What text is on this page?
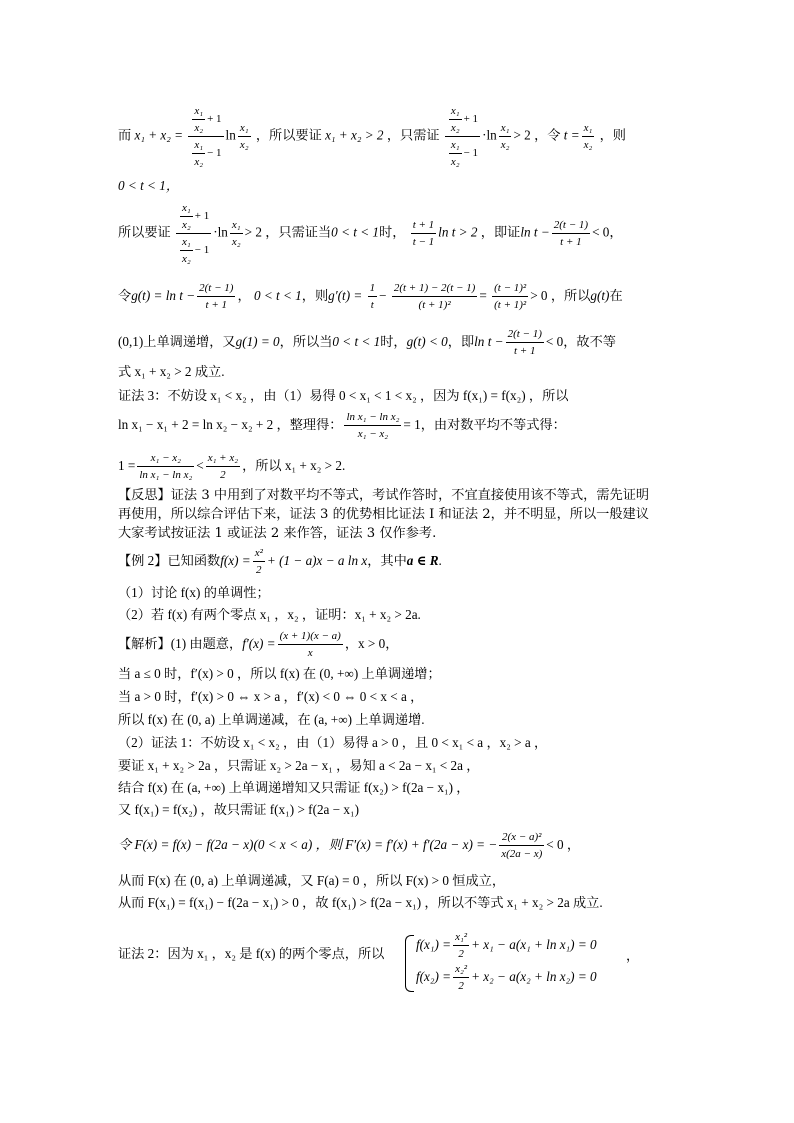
而 $x_1 + x_2 = \frac{\frac{\text{x₁}}{\text{x₂}} + 1}{\frac{\text{x₁}}{\text{x₂}} - 1}$ $\ln \frac{\text{x₁}}{\text{x₂}}$ ，所以要证 x₁ + x₂ > 2 ，只需证 $\frac{\frac{\text{x₁}}{\text{x₂}} + 1}{\frac{\text{x₁}}{\text{x₂}} - 1} \cdot\ln \frac{\text{x₁}}{\text{x₂}} > 2$ ，令 $t = \frac{\text{x₁}}{\text{x₂}}$ ，则
0 < t < 1，
所以要证 $\frac{\frac{\text{x₁}}{\text{x₂}} + 1}{\frac{\text{x₁}}{\text{x₂}} - 1} \cdot\ln \frac{\text{x₁}}{\text{x₂}} > 2$ ，只需证当0 < t < 1时， $\frac{t + 1}{t - 1}$ ln t > 2 ，即证$\ln t - \frac{2(t - 1)}{t + 1} < 0$，
令$g(t) = \ln t - \frac{2(t - 1)}{t + 1}$ ， 0 < t < 1，则$g'(t) = \frac{1}{t} - \frac{2(t + 1) - 2(t - 1)}{\text{(t + 1)²}} = \frac{\text{(t − 1)²}}{\text{(t + 1)²}} > 0$ ，所以g(t)在
(0,1)上单调递增，又g(1) = 0，所以当0 < t < 1时，g(t) < 0，即$\ln t - \frac{2(t - 1)}{t + 1} < 0$，故不等
式 x₁ + x₂ > 2 成立.
证法 3：不妨设 x₁ < x₂ ，由（1）易得 0 < x₁ < 1 < x₂ ，因为 f(x₁) = f(x₂) ，所以
ln x₁ − x₁ + 2 = ln x₂ − x₂ + 2 ，整理得： $\frac{\text{ln x₁ − ln x₂}}{\text{x₁ − x₂}} = 1$，由对数平均不等式得：
$1 = \frac{\text{x₁ − x₂}}{\text{ln x₁ − ln x₂}} < \frac{\text{x₁ + x₂}}{2}$ ，所以 x₁ + x₂ > 2.
【反思】证法 3 中用到了对数平均不等式，考试作答时，不宜直接使用该不等式，需先证明
再使用，所以综合评估下来，证法 3 的优势相比证法 I 和证法 2，并不明显，所以一般建议
大家考试按证法 1 或证法 2 来作答，证法 3 仅作参考.
【例 2】已知函数$f(x) = \frac{\text{x²}}{2} + (1 - a)x - a$ ln x，其中a ∈ R.
（1）讨论 f(x) 的单调性；
（2）若 f(x) 有两个零点 x₁ ，x₂ ，证明：x₁ + x₂ > 2a.
【解析】(1) 由题意，$f'(x) = \frac{(x + 1)(x - a)}{x}$ ，x > 0，
当 a ≤ 0 时，f′(x) > 0 ，所以 f(x) 在 (0, +∞) 上单调递增；
当 a > 0 时，f′(x) > 0 ⇔ x > a ，f′(x) < 0 ⇔ 0 < x < a ，
所以 f(x) 在 (0, a) 上单调递减，在 (a, +∞) 上单调递增.
（2）证法 1：不妨设 x₁ < x₂ ，由（1）易得 a > 0 ，且 0 < x₁ < a ，x₂ > a ，
要证 x₁ + x₂ > 2a ，只需证 x₂ > 2a − x₁ ，易知 a < 2a − x₁ < 2a ，
结合 f(x) 在 (a, +∞) 上单调递增知又只需证 f(x₂) > f(2a − x₁) ，
又 f(x₁) = f(x₂) ，故只需证 f(x₁) > f(2a − x₁)
令 F(x) = f(x) − f(2a − x)(0 < x < a) ，则 F′(x) = f′(x) + f′(2a − x) = − $\frac{\text{2(x − a)²}}{x(2a - x)} < 0$ ，
从而 F(x) 在 (0, a) 上单调递减，又 F(a) = 0 ，所以 F(x) > 0 恒成立，
从而 F(x₁) = f(x₁) − f(2a − x₁) > 0 ，故 f(x₁) > f(2a − x₁) ，所以不等式 x₁ + x₂ > 2a 成立.
证法 2：因为 x₁ ，x₂ 是 f(x) 的两个零点，所以
$f(x_1) = \frac{\text{x₁²}}{2} + x_1 - a(x_1 + \ln x_1) = 0$
，
$f(x_2) = \frac{\text{x₂²}}{2} + x_2 - a(x_2 + \ln x_2) = 0$
